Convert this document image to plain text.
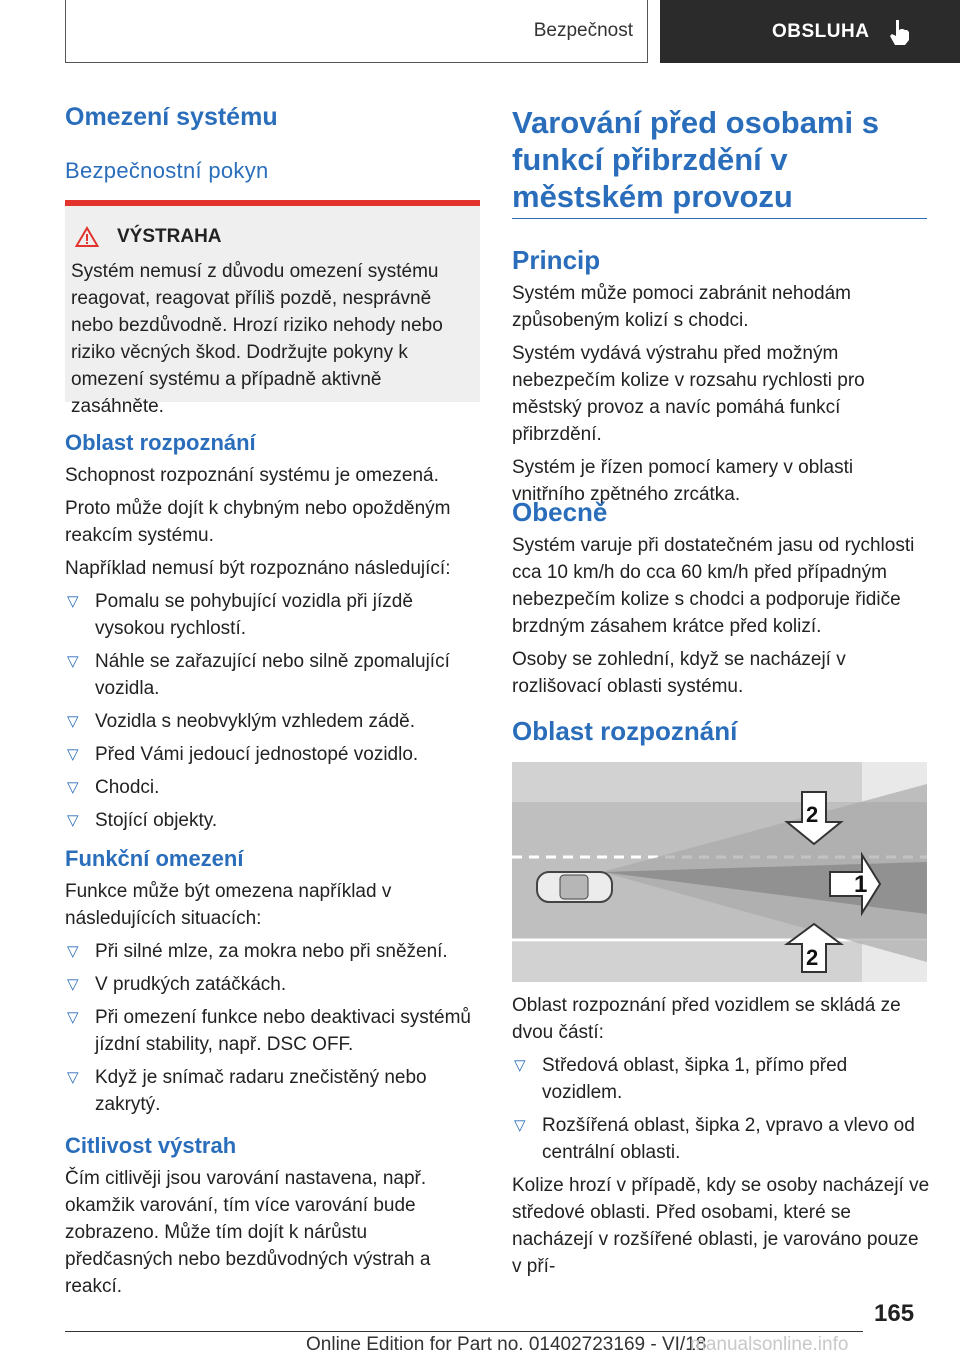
Bezpečnost	OBSLUHA
Omezení systému
Bezpečnostní pokyn
VÝSTRAHA
Systém nemusí z důvodu omezení systému reagovat, reagovat příliš pozdě, nesprávně nebo bezdůvodně. Hrozí riziko nehody nebo riziko věcných škod. Dodržujte pokyny k omezení systému a případně aktivně zasáhněte.
Oblast rozpoznání

Schopnost rozpoznání systému je omezená.

Proto může dojít k chybným nebo opožděným reakcím systému.

Například nemusí být rozpoznáno následující:

▽ Pomalu se pohybující vozidla při jízdě vysokou rychlostí.
▽ Náhle se zařazující nebo silně zpomalující vozidla.
▽ Vozidla s neobvyklým vzhledem zádě.
▽ Před Vámi jedoucí jednostopé vozidlo.
▽ Chodci.
▽ Stojící objekty.
Funkční omezení

Funkce může být omezena například v následujících situacích:

▽ Při silné mlze, za mokra nebo při sněžení.
▽ V prudkých zatáčkách.
▽ Při omezení funkce nebo deaktivaci systémů jízdní stability, např. DSC OFF.
▽ Když je snímač radaru znečistěný nebo zakrytý.
Citlivost výstrah

Čím citlivěji jsou varování nastavena, např. okamžik varování, tím více varování bude zobrazeno. Může tím dojít k nárůstu předčasných nebo bezdůvodných výstrah a reakcí.

Varování před osobami s funkcí přibrzdění v městském provozu
Princip

Systém může pomoci zabránit nehodám způsobeným kolizí s chodci.

Systém vydává výstrahu před možným nebezpečím kolize v rozsahu rychlosti pro městský provoz a navíc pomáhá funkcí přibrzdění.

Systém je řízen pomocí kamery v oblasti vnitřního zpětného zrcátka.

Obecně

Systém varuje při dostatečném jasu od rychlosti cca 10 km/h do cca 60 km/h před případným nebezpečím kolize s chodci a podporuje řidiče brzdným zásahem krátce před kolizí.

Osoby se zohlední, když se nacházejí v rozlišovací oblasti systému.

Oblast rozpoznání
1
2
2

Oblast rozpoznání před vozidlem se skládá ze dvou částí:

▽ Středová oblast, šipka 1, přímo před vozidlem.
▽ Rozšířená oblast, šipka 2, vpravo a vlevo od centrální oblasti.

Kolize hrozí v případě, kdy se osoby nacházejí ve středové oblasti. Před osobami, které se nacházejí v rozšířené oblasti, je varováno pouze v pří-

165
Online Edition for Part no. 01402723169 - VI/18
manualsonline.info
